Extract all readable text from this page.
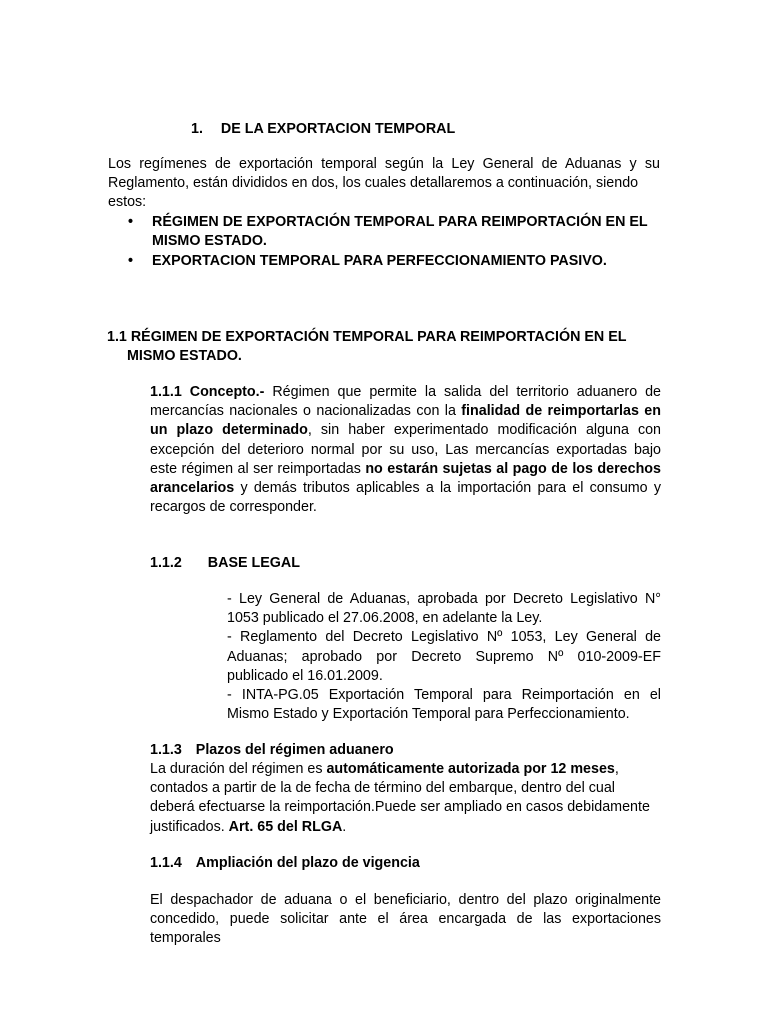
1. DE LA EXPORTACION TEMPORAL
Los regímenes de exportación temporal según la Ley General de Aduanas y su
Reglamento, están divididos en dos, los cuales detallaremos a continuación, siendo estos:
• RÉGIMEN DE EXPORTACIÓN TEMPORAL PARA REIMPORTACIÓN EN EL
MISMO ESTADO.
• EXPORTACION TEMPORAL PARA PERFECCIONAMIENTO PASIVO.
1.1 RÉGIMEN DE EXPORTACIÓN TEMPORAL PARA REIMPORTACIÓN EN EL
MISMO ESTADO.

1.1.1 Concepto.- Régimen que permite la salida del territorio aduanero de mercancías nacionales o nacionalizadas con la finalidad de reimportarlas en un plazo determinado, sin haber experimentado modificación alguna con excepción del deterioro normal por su uso, Las mercancías exportadas bajo este régimen al ser reimportadas no estarán sujetas al pago de los derechos arancelarios y demás tributos aplicables a la importación para el consumo y recargos de corresponder.

1.1.2 BASE LEGAL
- Ley General de Aduanas, aprobada por Decreto Legislativo N° 1053 publicado el 27.06.2008, en adelante la Ley.
- Reglamento del Decreto Legislativo Nº 1053, Ley General de Aduanas; aprobado por Decreto Supremo Nº 010-2009-EF publicado el 16.01.2009.
- INTA-PG.05 Exportación Temporal para Reimportación en el Mismo Estado y Exportación Temporal para Perfeccionamiento.
1.1.3 Plazos del régimen aduanero

La duración del régimen es automáticamente autorizada por 12 meses, contados a partir de la de fecha de término del embarque, dentro del cual deberá efectuarse la reimportación.Puede ser ampliado en casos debidamente justificados. Art. 65 del RLGA.

1.1.4 Ampliación del plazo de vigencia

El despachador de aduana o el beneficiario, dentro del plazo originalmente concedido, puede solicitar ante el área encargada de las exportaciones temporales
